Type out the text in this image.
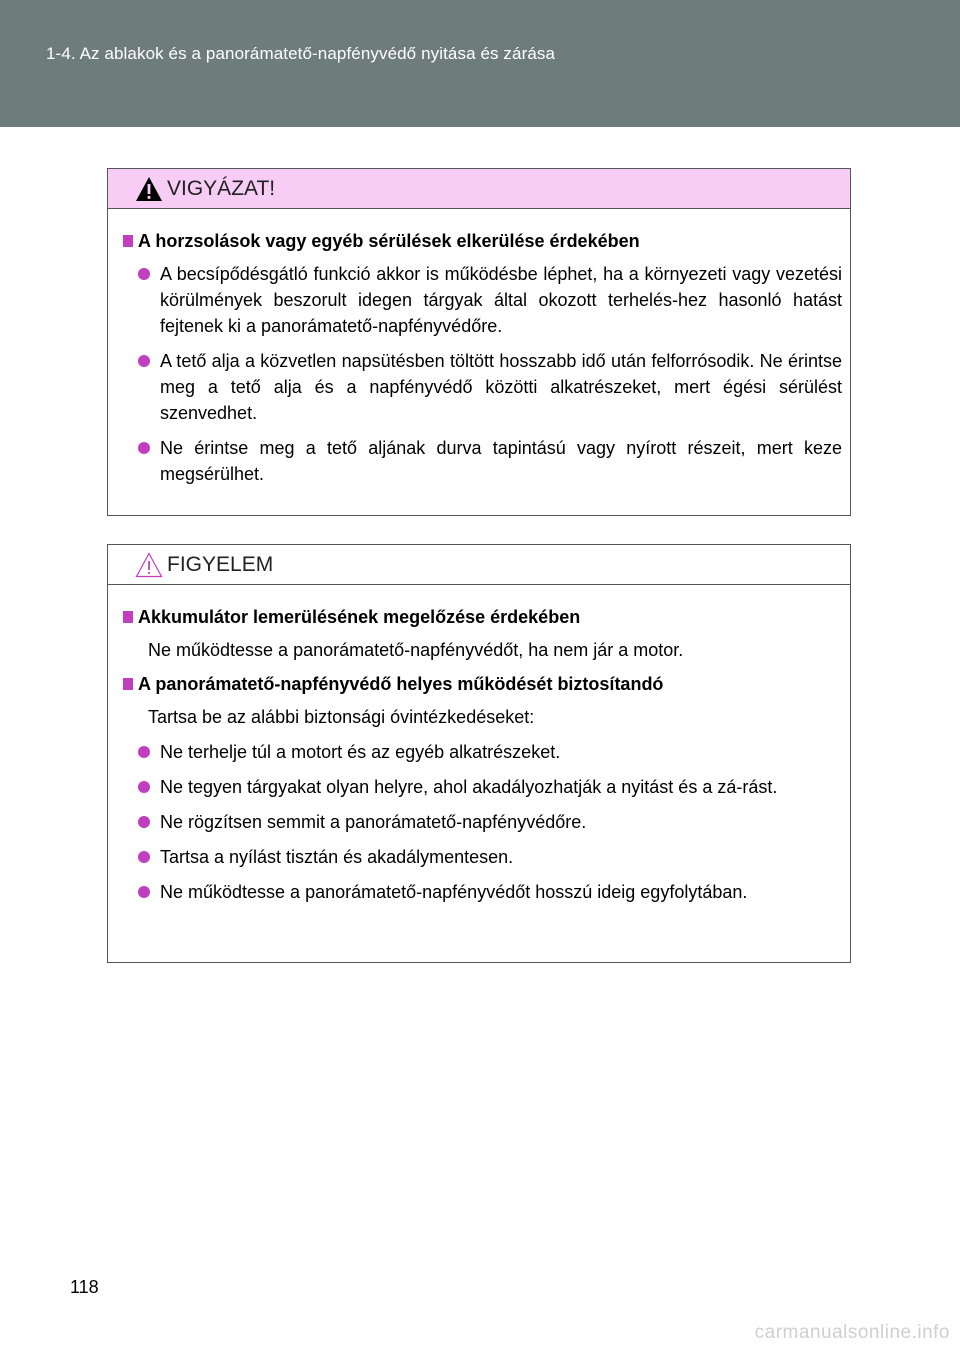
1-4. Az ablakok és a panorámatető-napfényvédő nyitása és zárása
VIGYÁZAT!
A horzsolások vagy egyéb sérülések elkerülése érdekében
A becsípődésgátló funkció akkor is működésbe léphet, ha a környezeti vagy vezetési körülmények beszorult idegen tárgyak által okozott terhelés-hez hasonló hatást fejtenek ki a panorámatető-napfényvédőre.
A tető alja a közvetlen napsütésben töltött hosszabb idő után felforrósodik. Ne érintse meg a tető alja és a napfényvédő közötti alkatrészeket, mert égési sérülést szenvedhet.
Ne érintse meg a tető aljának durva tapintású vagy nyírott részeit, mert keze megsérülhet.
FIGYELEM
Akkumulátor lemerülésének megelőzése érdekében
Ne működtesse a panorámatető-napfényvédőt, ha nem jár a motor.
A panorámatető-napfényvédő helyes működését biztosítandó
Tartsa be az alábbi biztonsági óvintézkedéseket:
Ne terhelje túl a motort és az egyéb alkatrészeket.
Ne tegyen tárgyakat olyan helyre, ahol akadályozhatják a nyitást és a zá-rást.
Ne rögzítsen semmit a panorámatető-napfényvédőre.
Tartsa a nyílást tisztán és akadálymentesen.
Ne működtesse a panorámatető-napfényvédőt hosszú ideig egyfolytában.
118
carmanualsonline.info
